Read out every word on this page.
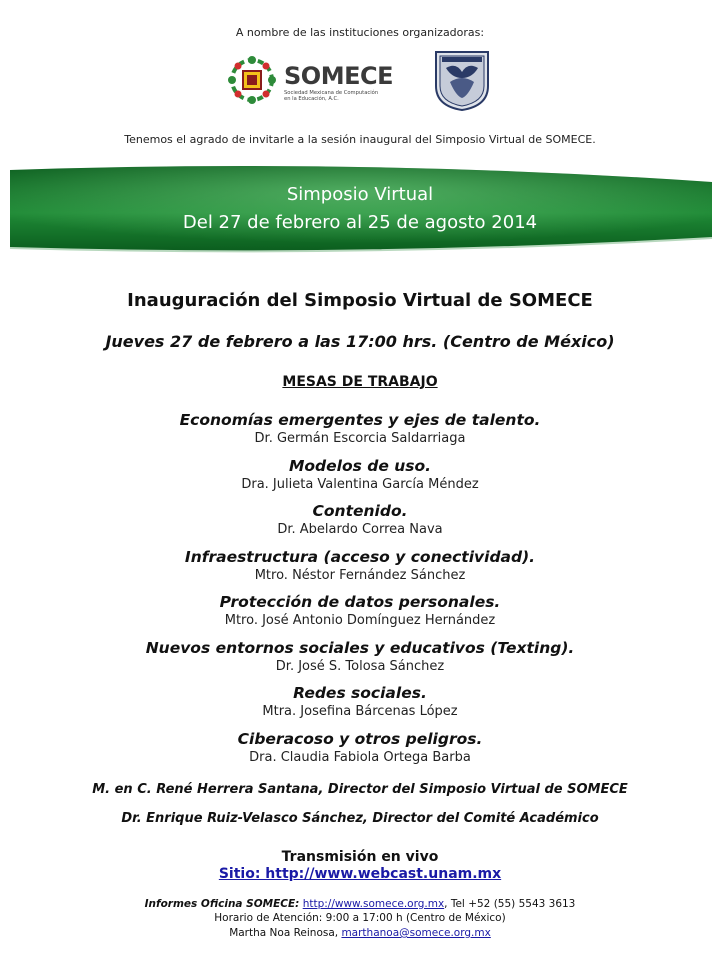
A nombre de las instituciones organizadoras:
SOMECE
Sociedad Mexicana de Computación
en la Educación, A.C.
Tenemos el agrado de invitarle a la sesión inaugural del Simposio Virtual de SOMECE.
Simposio Virtual
Del 27 de febrero al 25 de agosto 2014
Inauguración del Simposio Virtual de SOMECE
Jueves 27 de febrero a las 17:00 hrs. (Centro de México)
MESAS DE TRABAJO
Economías emergentes y ejes de talento.
Dr. Germán Escorcia Saldarriaga
Modelos de uso.
Dra. Julieta Valentina García Méndez
Contenido.
Dr. Abelardo Correa Nava
Infraestructura (acceso y conectividad).
Mtro. Néstor Fernández Sánchez
Protección de datos personales.
Mtro. José Antonio Domínguez Hernández
Nuevos entornos sociales y educativos (Texting).
Dr. José S. Tolosa Sánchez
Redes sociales.
Mtra. Josefina Bárcenas López
Ciberacoso y otros peligros.
Dra. Claudia Fabiola Ortega Barba
M. en C. René Herrera Santana, Director del Simposio Virtual de SOMECE
Dr. Enrique Ruiz-Velasco Sánchez, Director del Comité Académico
Transmisión en vivo
Sitio: http://www.webcast.unam.mx
Informes Oficina SOMECE: http://www.somece.org.mx, Tel +52 (55) 5543 3613
Horario de Atención: 9:00 a 17:00 h (Centro de México)
Martha Noa Reinosa, marthanoa@somece.org.mx
